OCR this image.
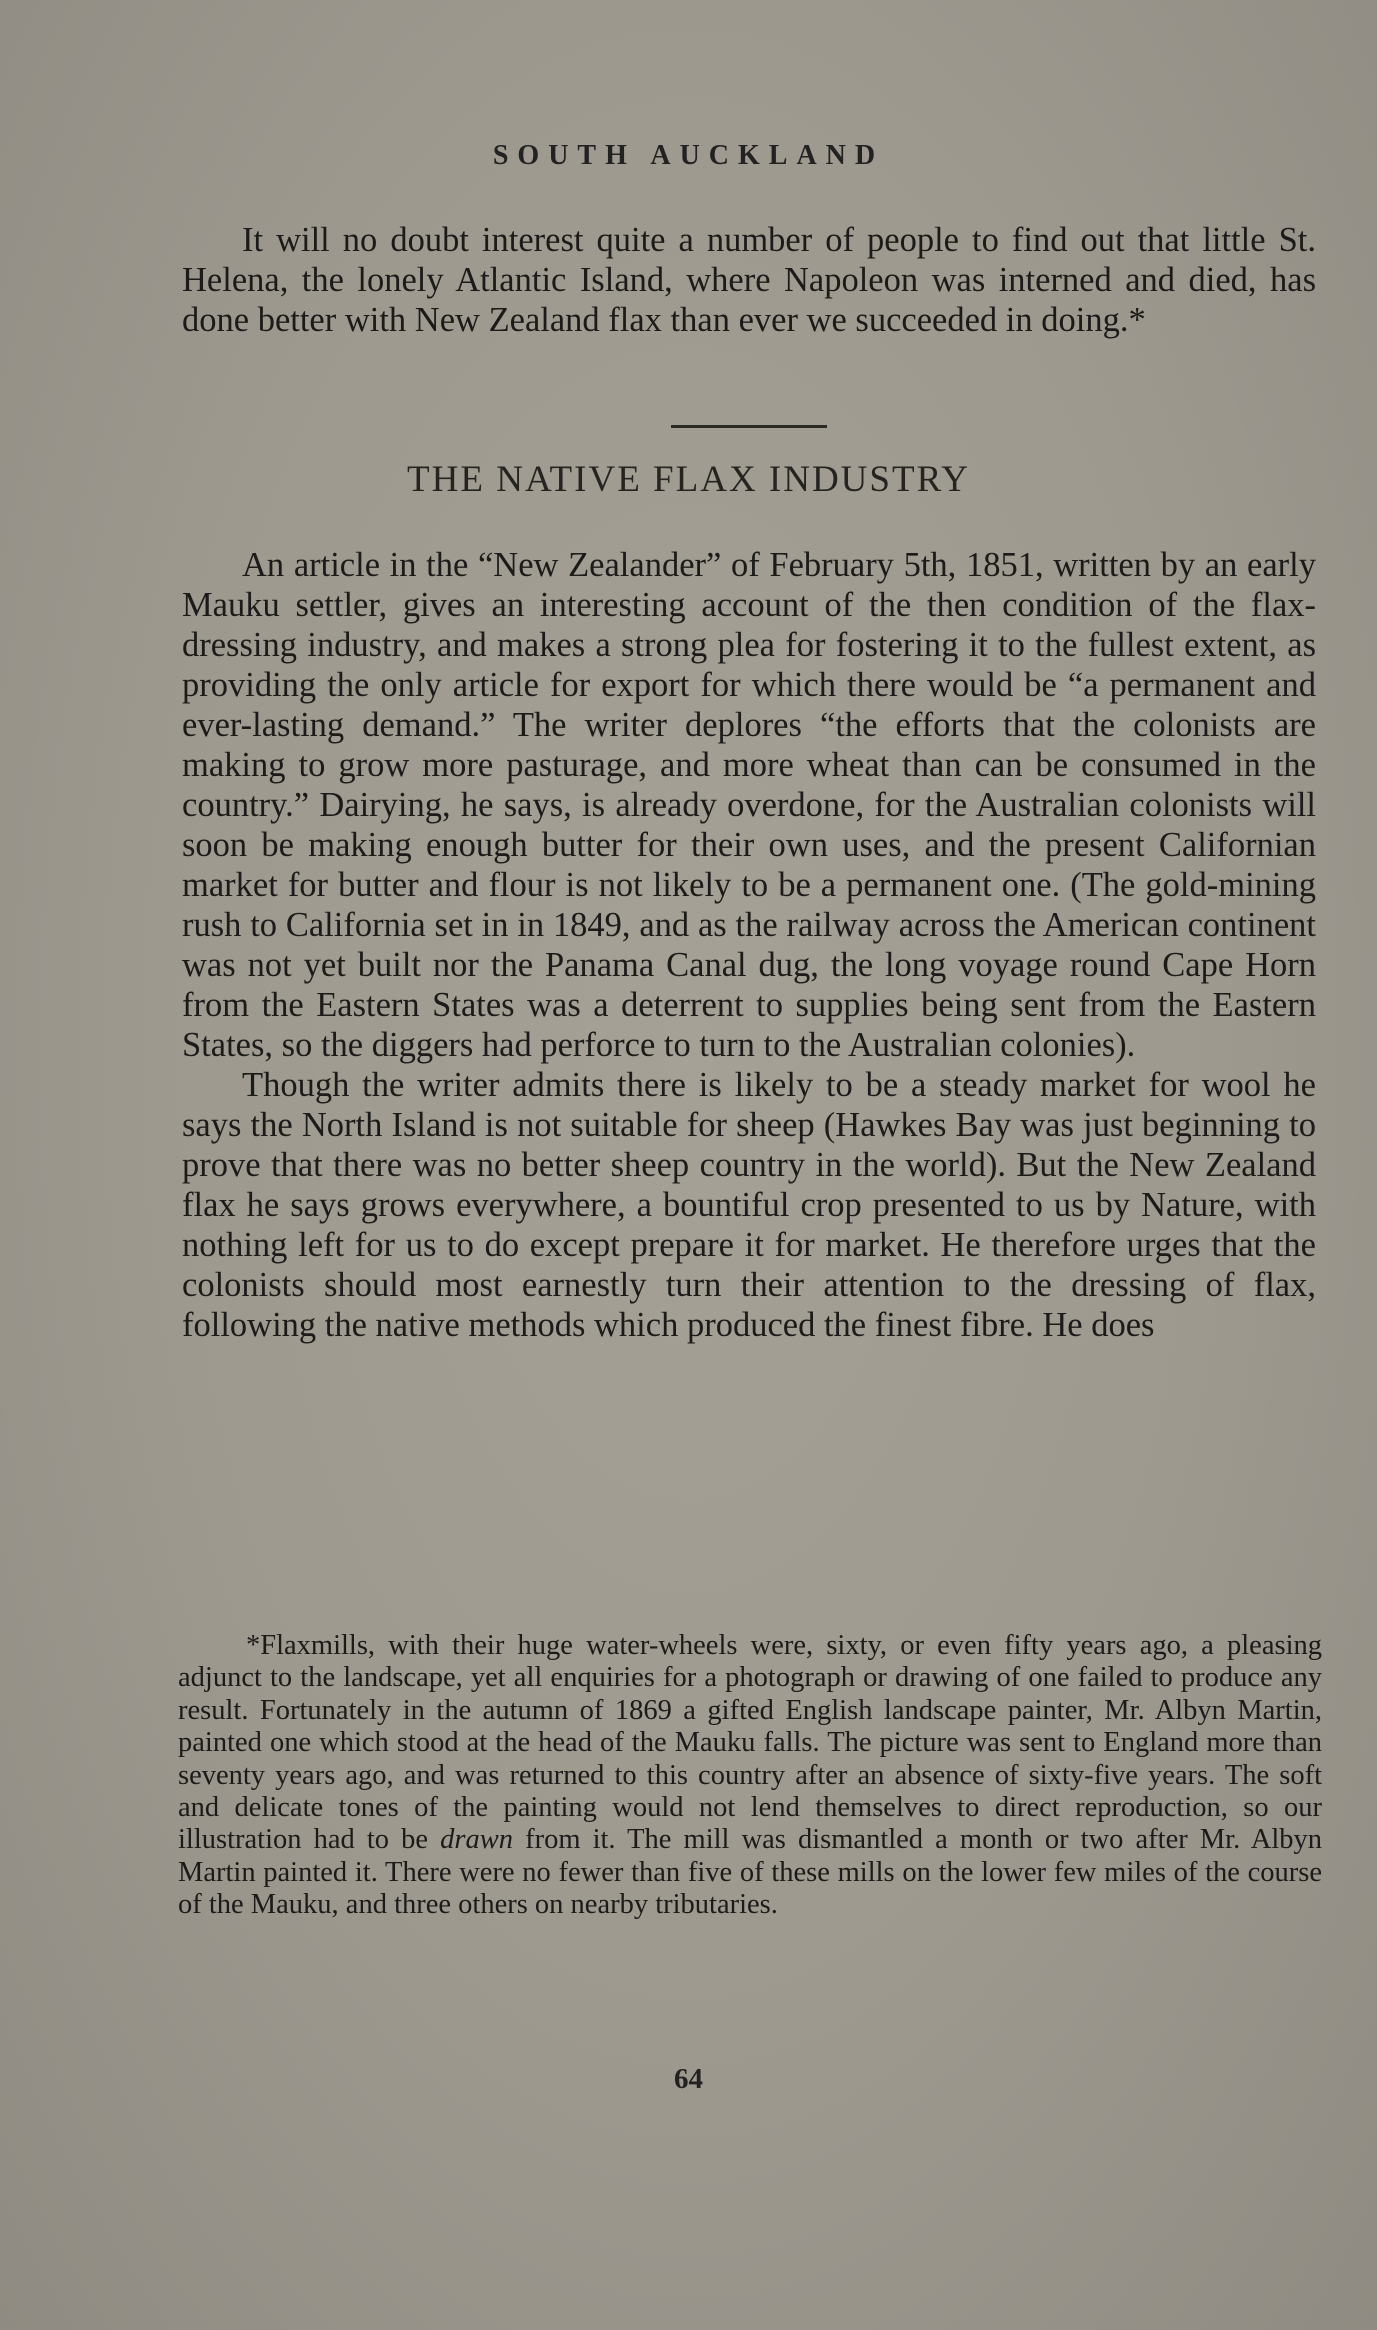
SOUTH AUCKLAND

It will no doubt interest quite a number of people to find out that little St. Helena, the lonely Atlantic Island, where Napoleon was interned and died, has done better with New Zealand flax than ever we succeeded in doing.*

THE NATIVE FLAX INDUSTRY

An article in the “New Zealander” of February 5th, 1851, written by an early Mauku settler, gives an interesting account of the then condition of the flax-dressing industry, and makes a strong plea for fostering it to the fullest extent, as providing the only article for export for which there would be “a permanent and ever-lasting demand.” The writer deplores “the efforts that the colonists are making to grow more pasturage, and more wheat than can be consumed in the country.” Dairying, he says, is already overdone, for the Australian colonists will soon be making enough butter for their own uses, and the present Californian market for butter and flour is not likely to be a permanent one. (The gold-mining rush to California set in in 1849, and as the railway across the American continent was not yet built nor the Panama Canal dug, the long voyage round Cape Horn from the Eastern States was a deterrent to supplies being sent from the Eastern States, so the diggers had perforce to turn to the Australian colonies).

Though the writer admits there is likely to be a steady market for wool he says the North Island is not suitable for sheep (Hawkes Bay was just beginning to prove that there was no better sheep country in the world). But the New Zealand flax he says grows everywhere, a bountiful crop presented to us by Nature, with nothing left for us to do except prepare it for market. He therefore urges that the colonists should most earnestly turn their attention to the dressing of flax, following the native methods which produced the finest fibre. He does

*Flaxmills, with their huge water-wheels were, sixty, or even fifty years ago, a pleasing adjunct to the landscape, yet all enquiries for a photograph or drawing of one failed to produce any result. Fortunately in the autumn of 1869 a gifted English landscape painter, Mr. Albyn Martin, painted one which stood at the head of the Mauku falls. The picture was sent to England more than seventy years ago, and was returned to this country after an absence of sixty-five years. The soft and delicate tones of the painting would not lend themselves to direct reproduction, so our illustration had to be drawn from it. The mill was dismantled a month or two after Mr. Albyn Martin painted it. There were no fewer than five of these mills on the lower few miles of the course of the Mauku, and three others on nearby tributaries.

64
